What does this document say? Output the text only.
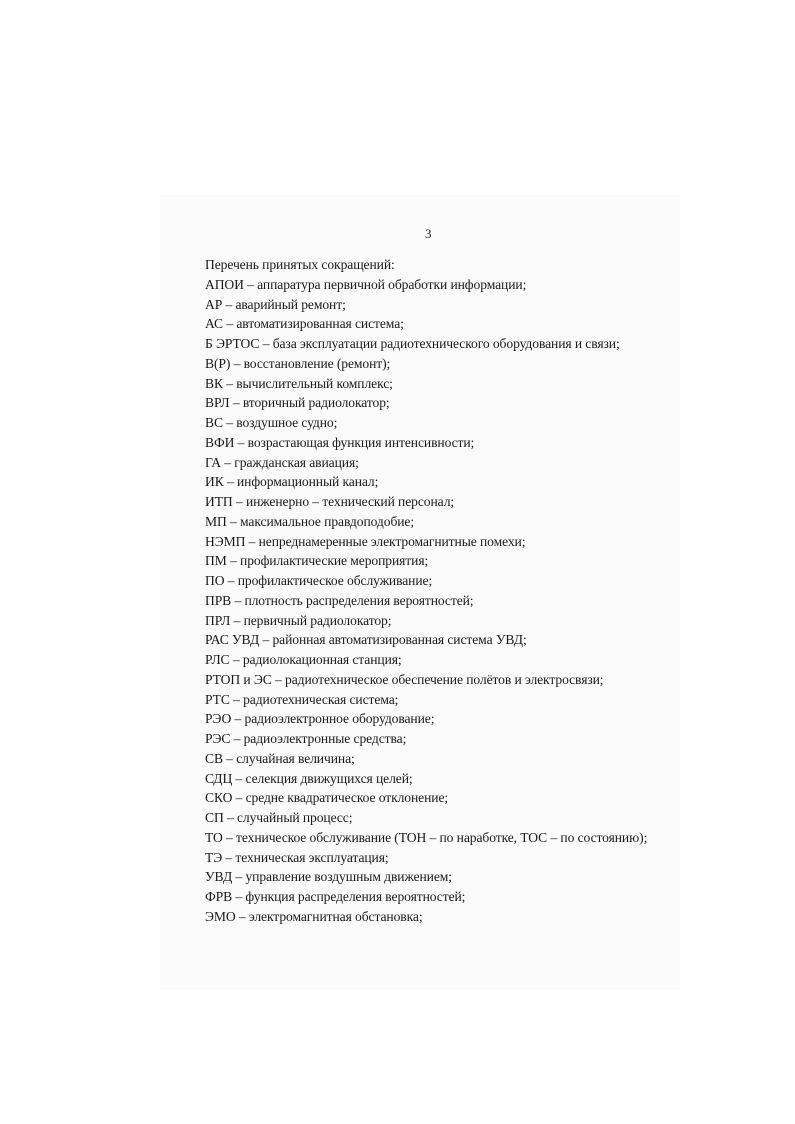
3
Перечень принятых сокращений:
АПОИ – аппаратура первичной обработки информации;
АР – аварийный ремонт;
АС – автоматизированная система;
Б ЭРТОС – база эксплуатации радиотехнического оборудования и связи;
В(Р) – восстановление (ремонт);
ВК – вычислительный комплекс;
ВРЛ – вторичный радиолокатор;
ВС – воздушное судно;
ВФИ – возрастающая функция интенсивности;
ГА – гражданская авиация;
ИК – информационный канал;
ИТП – инженерно – технический персонал;
МП – максимальное правдоподобие;
НЭМП – непреднамеренные электромагнитные помехи;
ПМ – профилактические мероприятия;
ПО – профилактическое обслуживание;
ПРВ – плотность распределения вероятностей;
ПРЛ – первичный радиолокатор;
РАС УВД – районная автоматизированная система УВД;
РЛС – радиолокационная станция;
РТОП и ЭС – радиотехническое обеспечение полётов и электросвязи;
РТС – радиотехническая система;
РЭО – радиоэлектронное оборудование;
РЭС – радиоэлектронные средства;
СВ – случайная величина;
СДЦ – селекция движущихся целей;
СКО – средне квадратическое отклонение;
СП – случайный процесс;
ТО – техническое обслуживание (ТОН – по наработке, ТОС – по состоянию);
ТЭ – техническая эксплуатация;
УВД – управление воздушным движением;
ФРВ – функция распределения вероятностей;
ЭМО – электромагнитная обстановка;
